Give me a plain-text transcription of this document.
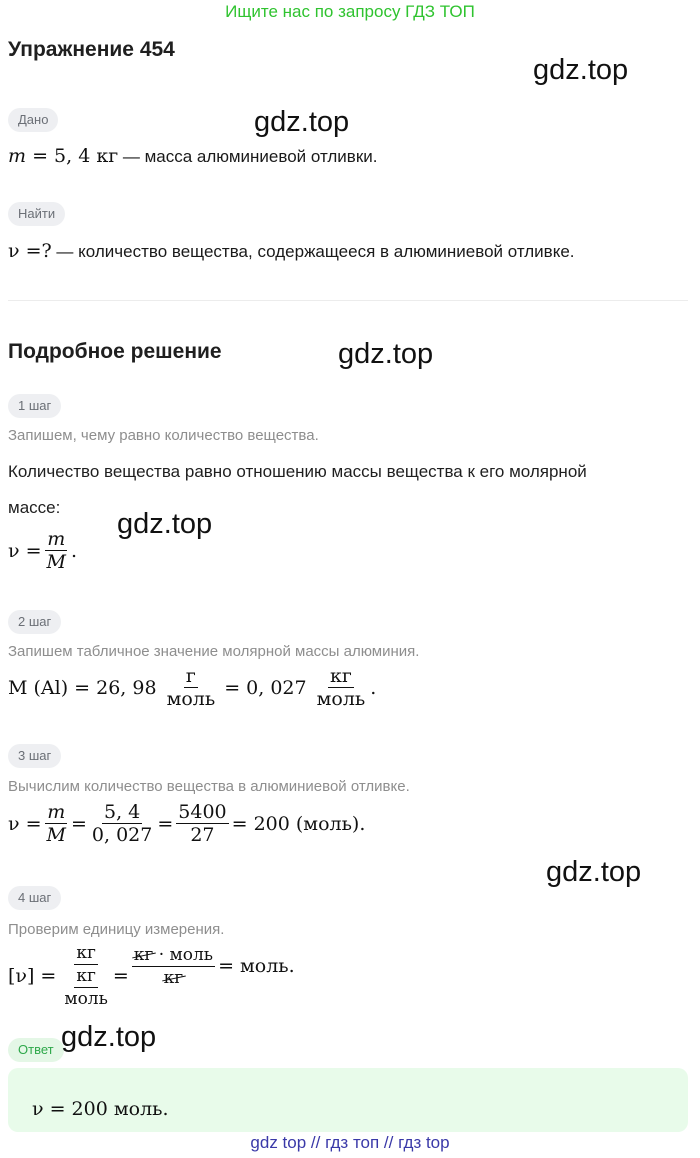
Ищите нас по запросу ГДЗ ТОП
Упражнение 454
gdz.top
gdz.top
Дано
m = 5, 4 кг — масса алюминиевой отливки.
Найти
ν =? — количество вещества, содержащееся в алюминиевой отливке.
Подробное решение	gdz.top
1 шаг
Запишем, чему равно количество вещества.
Количество вещества равно отношению массы вещества к его молярной
массе:
gdz.top
$\nu = \frac{m}{M}$ .
2 шаг
Запишем табличное значение молярной массы алюминия.
M (Al) = 26, $98 \frac{г}{\text{моль}} = 0$, $027 \frac{кг}{\text{моль}}$ .
3 шаг
Вычислим количество вещества в алюминиевой отливке.
$\nu = \frac{m}{M} = \frac{5, 4}{0, 027} = \frac{5400}{27} = 200$ (моль).
gdz.top
4 шаг
Проверим единицу измерения.
$[\nu] = \frac{кг}{\frac{кг}{\text{моль}}} = \frac{\text{кг · моль}}{кг}$ = моль.
Ответ gdz.top
ν = 200 моль.
gdz top // гдз топ // гдз top
